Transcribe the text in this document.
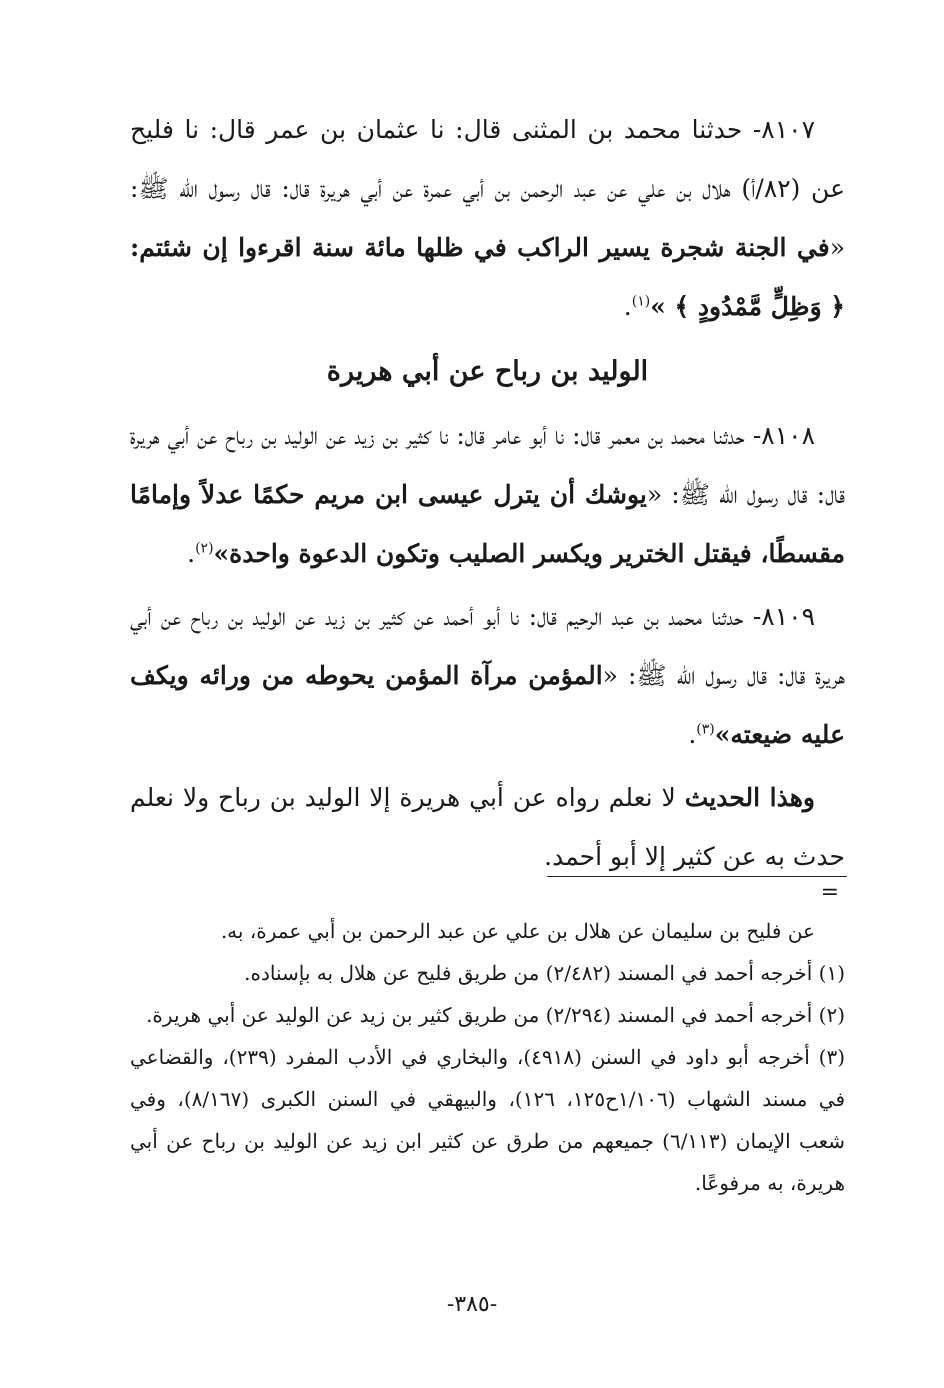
٨١٠٧- حدثنا محمد بن المثنى قال: نا عثمان بن عمر قال: نا فليح عن (٨٢/أ) هلال بن علي عن عبد الرحمن بن أبي عمرة عن أبي هريرة قال: قال رسول الله ﷺ: «في الجنة شجرة يسير الراكب في ظلها مائة سنة اقرءوا إن شئتم: ﴿ وَظِلٍّ مَّمْدُودٍ ﴾ »$^{(١)}$.

الوليد بن رباح عن أبي هريرة

٨١٠٨- حدثنا محمد بن معمر قال: نا أبو عامر قال: نا كثير بن زيد عن الوليد بن رباح عن أبي هريرة قال: قال رسول الله ﷺ: «يوشك أن يترل عيسى ابن مريم حكمًا عدلاً وإمامًا مقسطًا، فيقتل الخترير ويكسر الصليب وتكون الدعوة واحدة»$^{(٢)}$.

٨١٠٩- حدثنا محمد بن عبد الرحيم قال: نا أبو أحمد عن كثير بن زيد عن الوليد بن رباح عن أبي هريرة قال: قال رسول الله ﷺ: «المؤمن مرآة المؤمن يحوطه من ورائه ويكف عليه ضيعته»$^{(٣)}$.

وهذا الحديث لا نعلم رواه عن أبي هريرة إلا الوليد بن رباح ولا نعلم حدث به عن كثير إلا أبو أحمد.

=

عن فليح بن سليمان عن هلال بن علي عن عبد الرحمن بن أبي عمرة، به.

(١) أخرجه أحمد في المسند (٢/٤٨٢) من طريق فليح عن هلال به بإسناده.

(٢) أخرجه أحمد في المسند (٢/٢٩٤) من طريق كثير بن زيد عن الوليد عن أبي هريرة.

(٣) أخرجه أبو داود في السنن (٤٩١٨)، والبخاري في الأدب المفرد (٢٣٩)، والقضاعي في مسند الشهاب (١/١٠٦ح١٢٥، ١٢٦)، والبيهقي في السنن الكبرى (٨/١٦٧)، وفي شعب الإيمان (٦/١١٣) جميعهم من طرق عن كثير ابن زيد عن الوليد بن رباح عن أبي هريرة، به مرفوعًا.

-٣٨٥-
